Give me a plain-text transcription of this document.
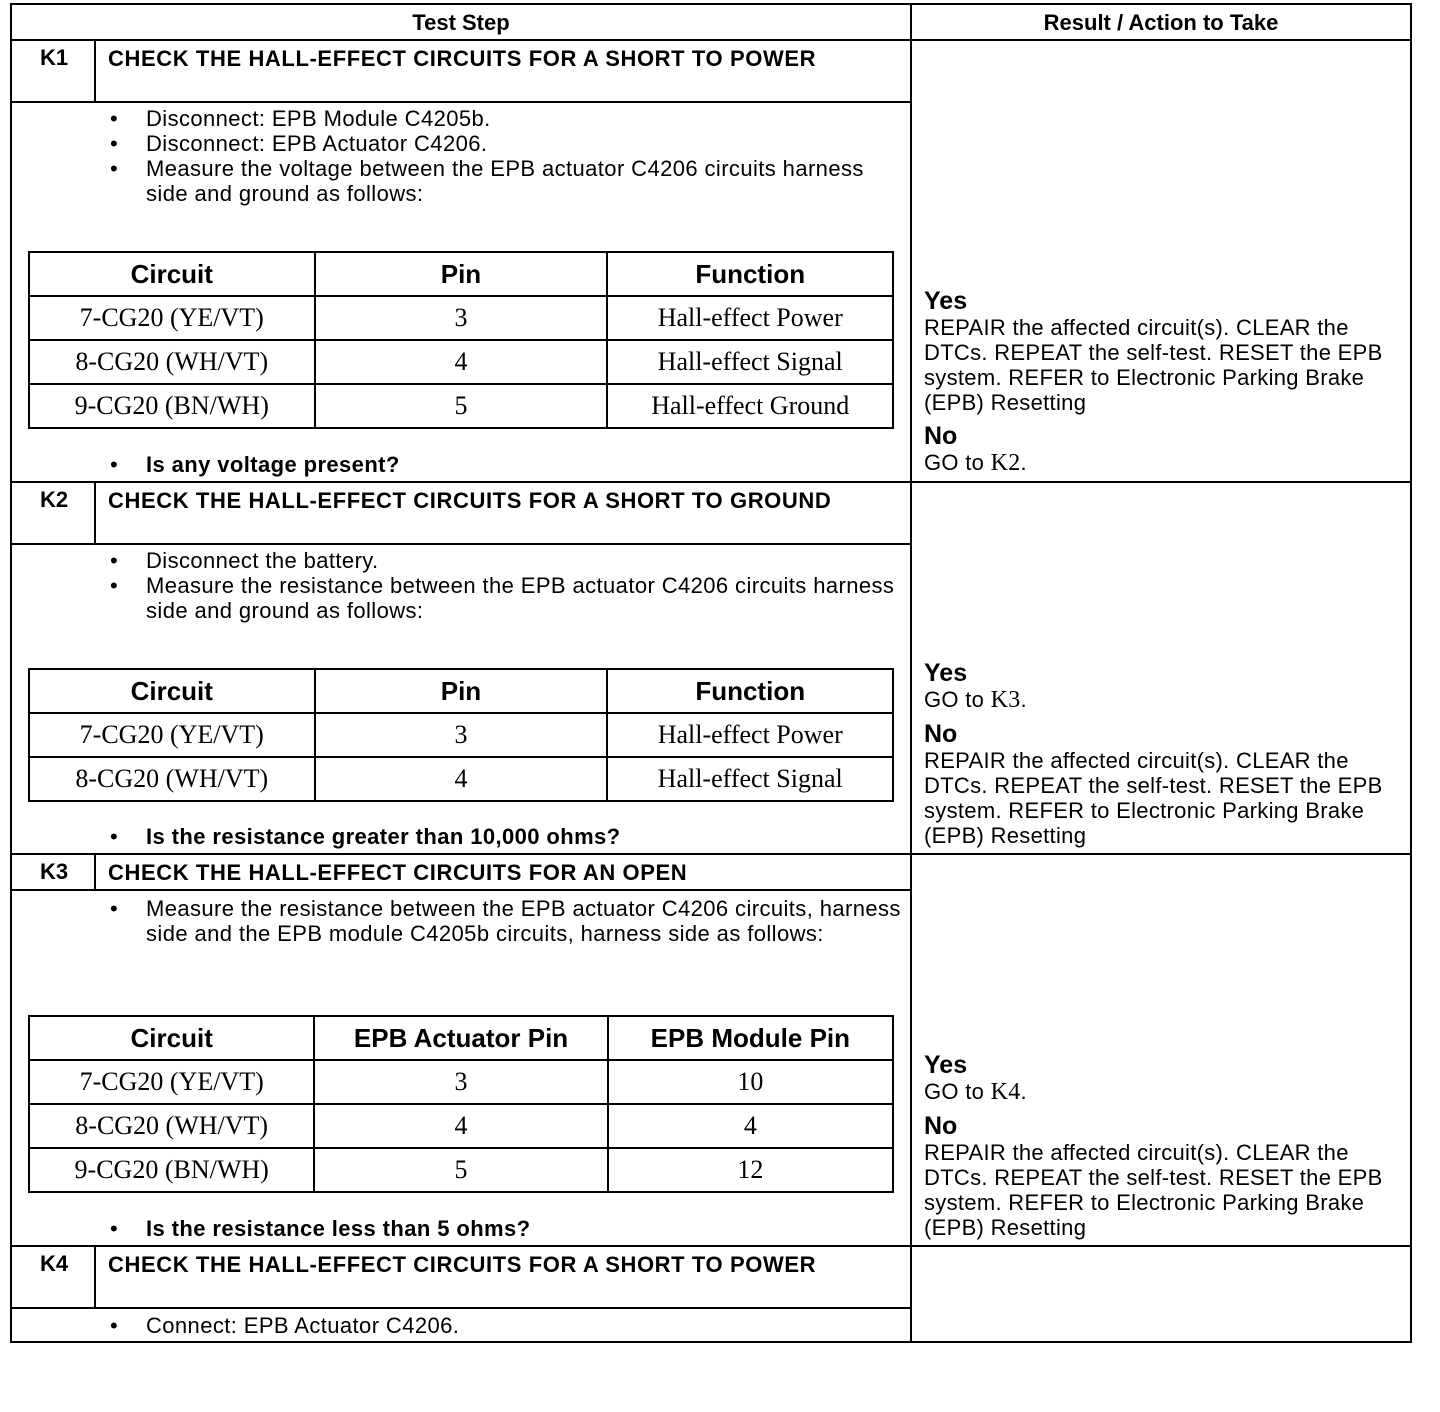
Test Step	Result / Action to Take
K1	CHECK THE HALL-EFFECT CIRCUITS FOR A SHORT TO POWER
• Disconnect: EPB Module C4205b.
• Disconnect: EPB Actuator C4206.
• Measure the voltage between the EPB actuator C4206 circuits harness side and ground as follows:
Circuit	Pin	Function
7-CG20 (YE/VT)	3	Hall-effect Power
8-CG20 (WH/VT)	4	Hall-effect Signal
9-CG20 (BN/WH)	5	Hall-effect Ground
• Is any voltage present?
Yes
REPAIR the affected circuit(s). CLEAR the DTCs. REPEAT the self-test. RESET the EPB system. REFER to Electronic Parking Brake (EPB) Resetting
No
GO to K2.
K2	CHECK THE HALL-EFFECT CIRCUITS FOR A SHORT TO GROUND
• Disconnect the battery.
• Measure the resistance between the EPB actuator C4206 circuits harness side and ground as follows:
Circuit	Pin	Function
7-CG20 (YE/VT)	3	Hall-effect Power
8-CG20 (WH/VT)	4	Hall-effect Signal
• Is the resistance greater than 10,000 ohms?
Yes
GO to K3.
No
REPAIR the affected circuit(s). CLEAR the DTCs. REPEAT the self-test. RESET the EPB system. REFER to Electronic Parking Brake (EPB) Resetting
K3	CHECK THE HALL-EFFECT CIRCUITS FOR AN OPEN
• Measure the resistance between the EPB actuator C4206 circuits, harness side and the EPB module C4205b circuits, harness side as follows:
Circuit	EPB Actuator Pin	EPB Module Pin
7-CG20 (YE/VT)	3	10
8-CG20 (WH/VT)	4	4
9-CG20 (BN/WH)	5	12
• Is the resistance less than 5 ohms?
Yes
GO to K4.
No
REPAIR the affected circuit(s). CLEAR the DTCs. REPEAT the self-test. RESET the EPB system. REFER to Electronic Parking Brake (EPB) Resetting
K4	CHECK THE HALL-EFFECT CIRCUITS FOR A SHORT TO POWER
• Connect: EPB Actuator C4206.
